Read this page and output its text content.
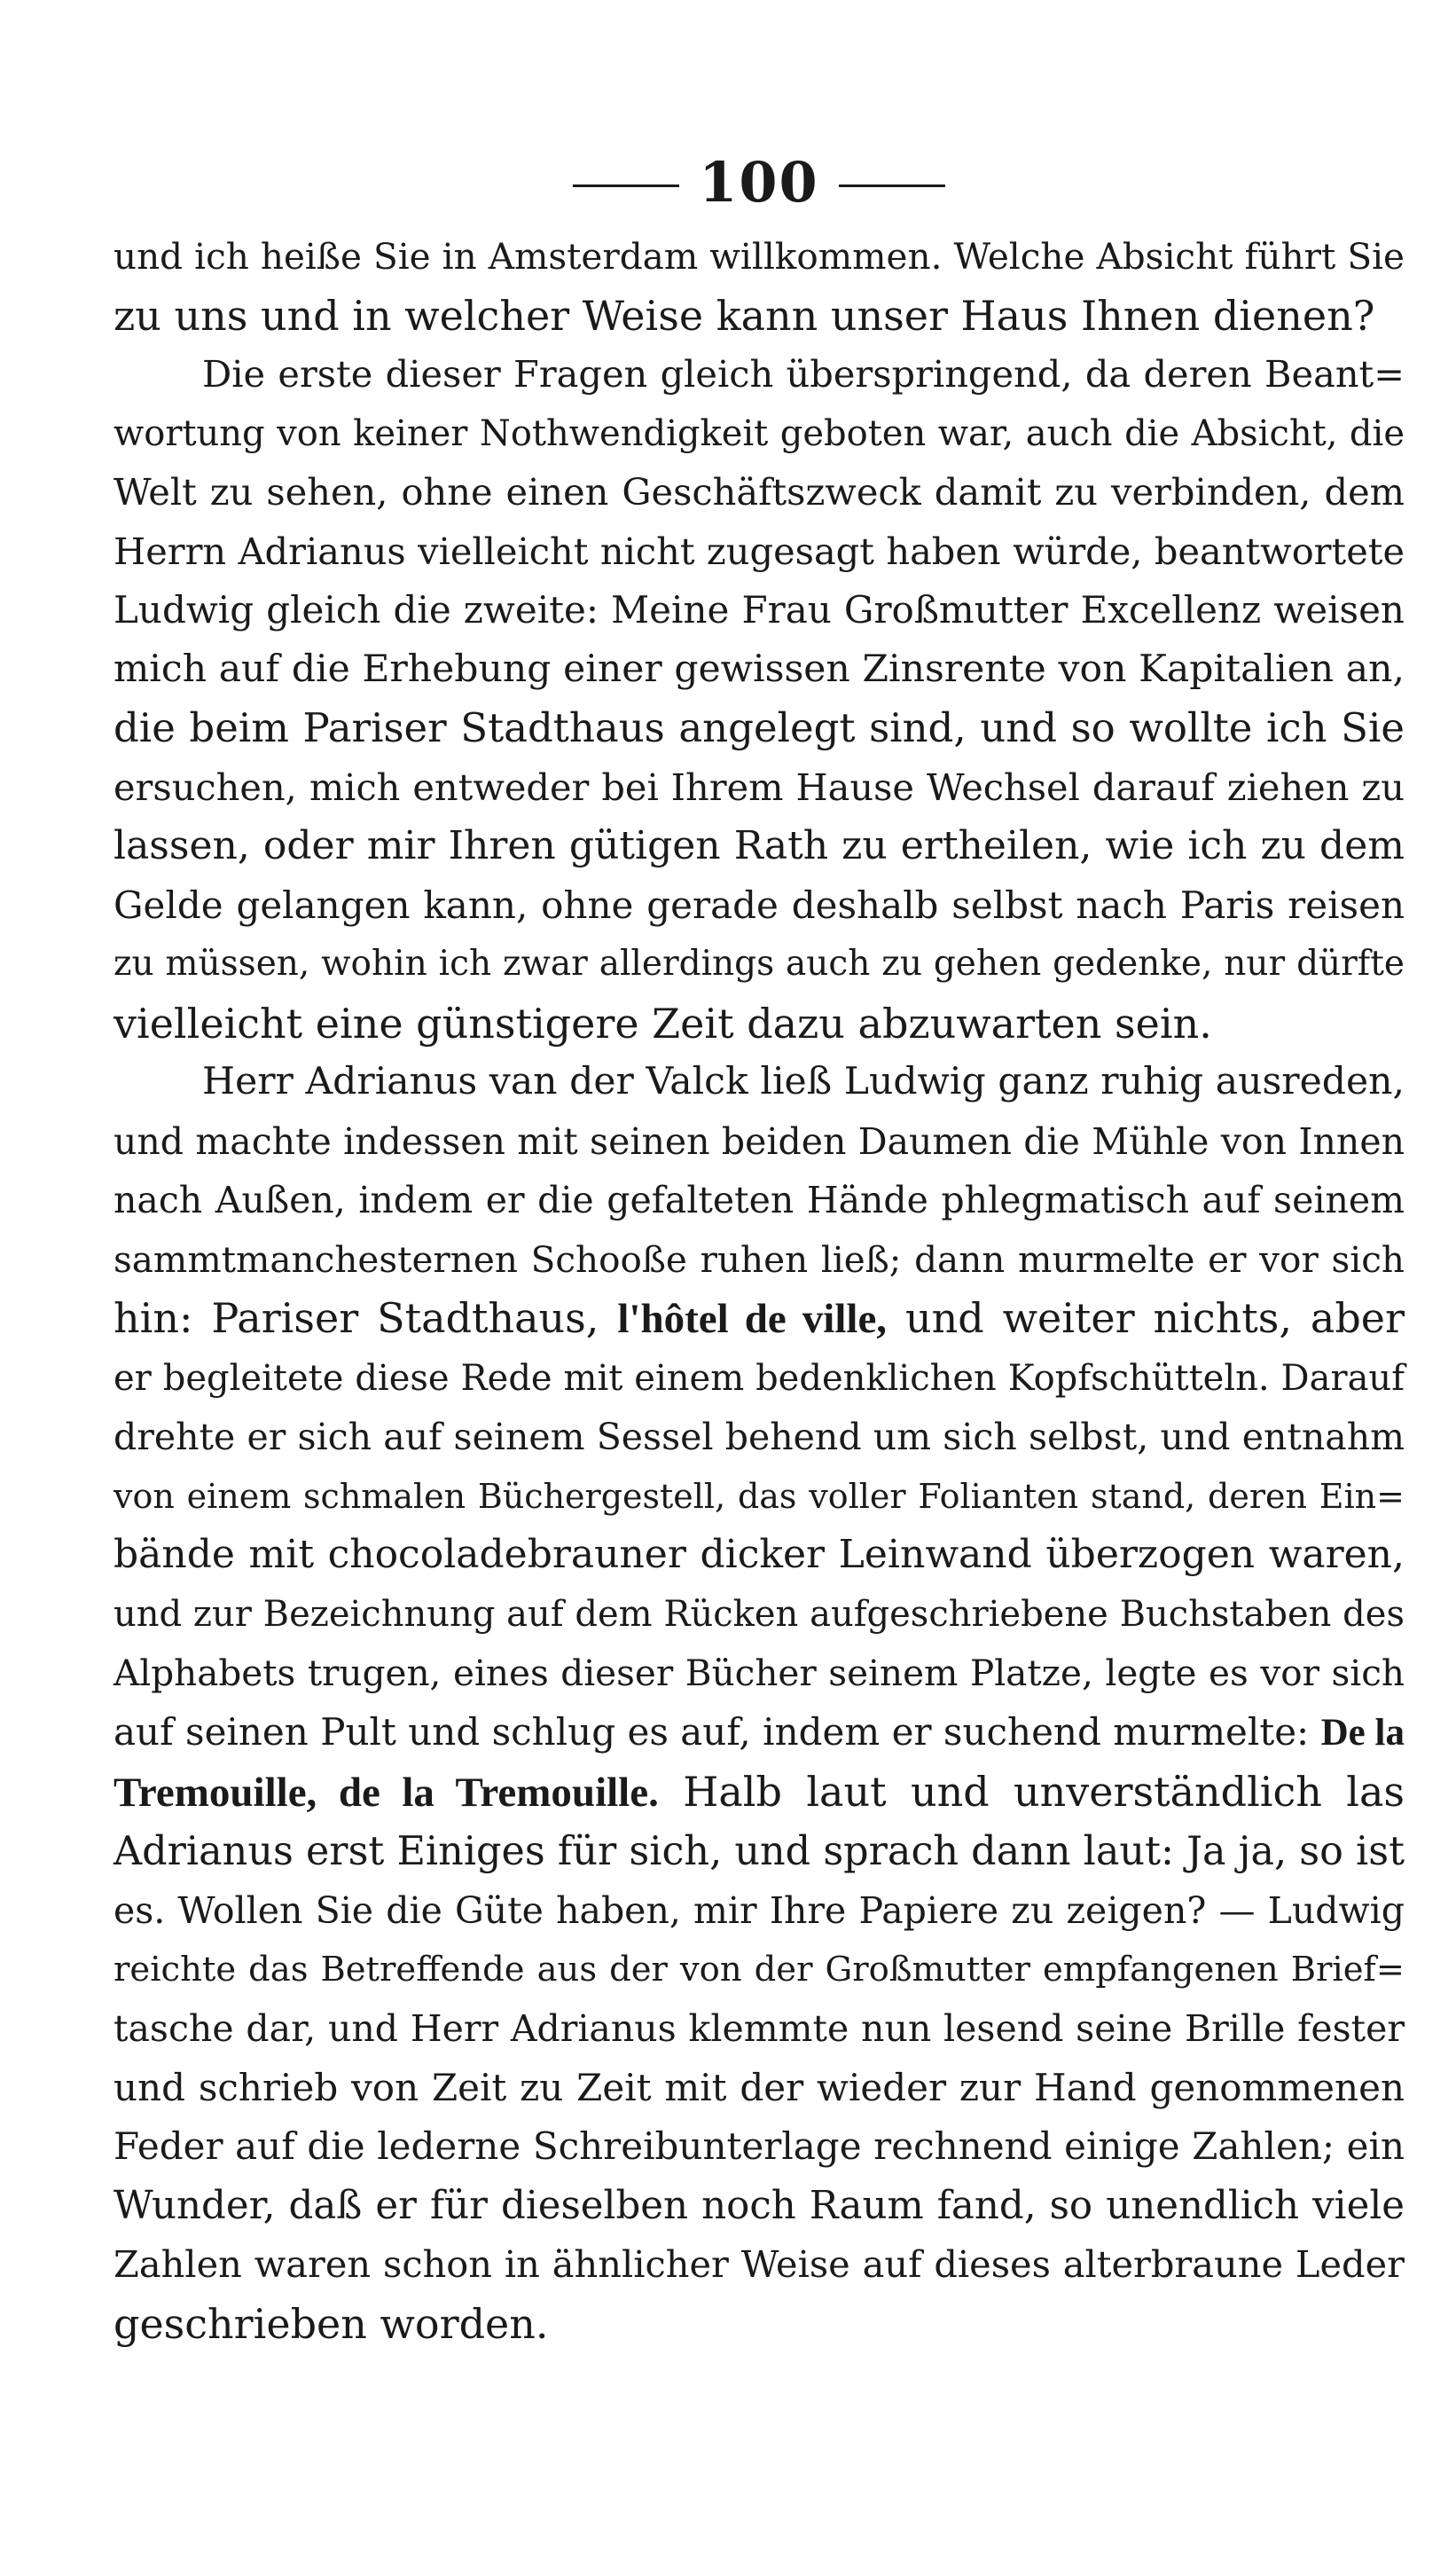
100

und ich heiße Sie in Amsterdam willkommen. Welche Absicht führt Sie

zu uns und in welcher Weise kann unser Haus Ihnen dienen?

Die erste dieser Fragen gleich überspringend, da deren Beant=

wortung von keiner Nothwendigkeit geboten war, auch die Absicht, die

Welt zu sehen, ohne einen Geschäftszweck damit zu verbinden, dem

Herrn Adrianus vielleicht nicht zugesagt haben würde, beantwortete

Ludwig gleich die zweite: Meine Frau Großmutter Excellenz weisen

mich auf die Erhebung einer gewissen Zinsrente von Kapitalien an,

die beim Pariser Stadthaus angelegt sind, und so wollte ich Sie

ersuchen, mich entweder bei Ihrem Hause Wechsel darauf ziehen zu

lassen, oder mir Ihren gütigen Rath zu ertheilen, wie ich zu dem

Gelde gelangen kann, ohne gerade deshalb selbst nach Paris reisen

zu müssen, wohin ich zwar allerdings auch zu gehen gedenke, nur dürfte

vielleicht eine günstigere Zeit dazu abzuwarten sein.

Herr Adrianus van der Valck ließ Ludwig ganz ruhig ausreden,

und machte indessen mit seinen beiden Daumen die Mühle von Innen

nach Außen, indem er die gefalteten Hände phlegmatisch auf seinem

sammtmanchesternen Schooße ruhen ließ; dann murmelte er vor sich

hin: Pariser Stadthaus, l'hôtel de ville, und weiter nichts, aber

er begleitete diese Rede mit einem bedenklichen Kopfschütteln. Darauf

drehte er sich auf seinem Sessel behend um sich selbst, und entnahm

von einem schmalen Büchergestell, das voller Folianten stand, deren Ein=

bände mit chocoladebrauner dicker Leinwand überzogen waren,

und zur Bezeichnung auf dem Rücken aufgeschriebene Buchstaben des

Alphabets trugen, eines dieser Bücher seinem Platze, legte es vor sich

auf seinen Pult und schlug es auf, indem er suchend murmelte: De la

Tremouille, de la Tremouille. Halb laut und unverständlich las

Adrianus erst Einiges für sich, und sprach dann laut: Ja ja, so ist

es. Wollen Sie die Güte haben, mir Ihre Papiere zu zeigen? — Ludwig

reichte das Betreffende aus der von der Großmutter empfangenen Brief=

tasche dar, und Herr Adrianus klemmte nun lesend seine Brille fester

und schrieb von Zeit zu Zeit mit der wieder zur Hand genommenen

Feder auf die lederne Schreibunterlage rechnend einige Zahlen; ein

Wunder, daß er für dieselben noch Raum fand, so unendlich viele

Zahlen waren schon in ähnlicher Weise auf dieses alterbraune Leder

geschrieben worden.
